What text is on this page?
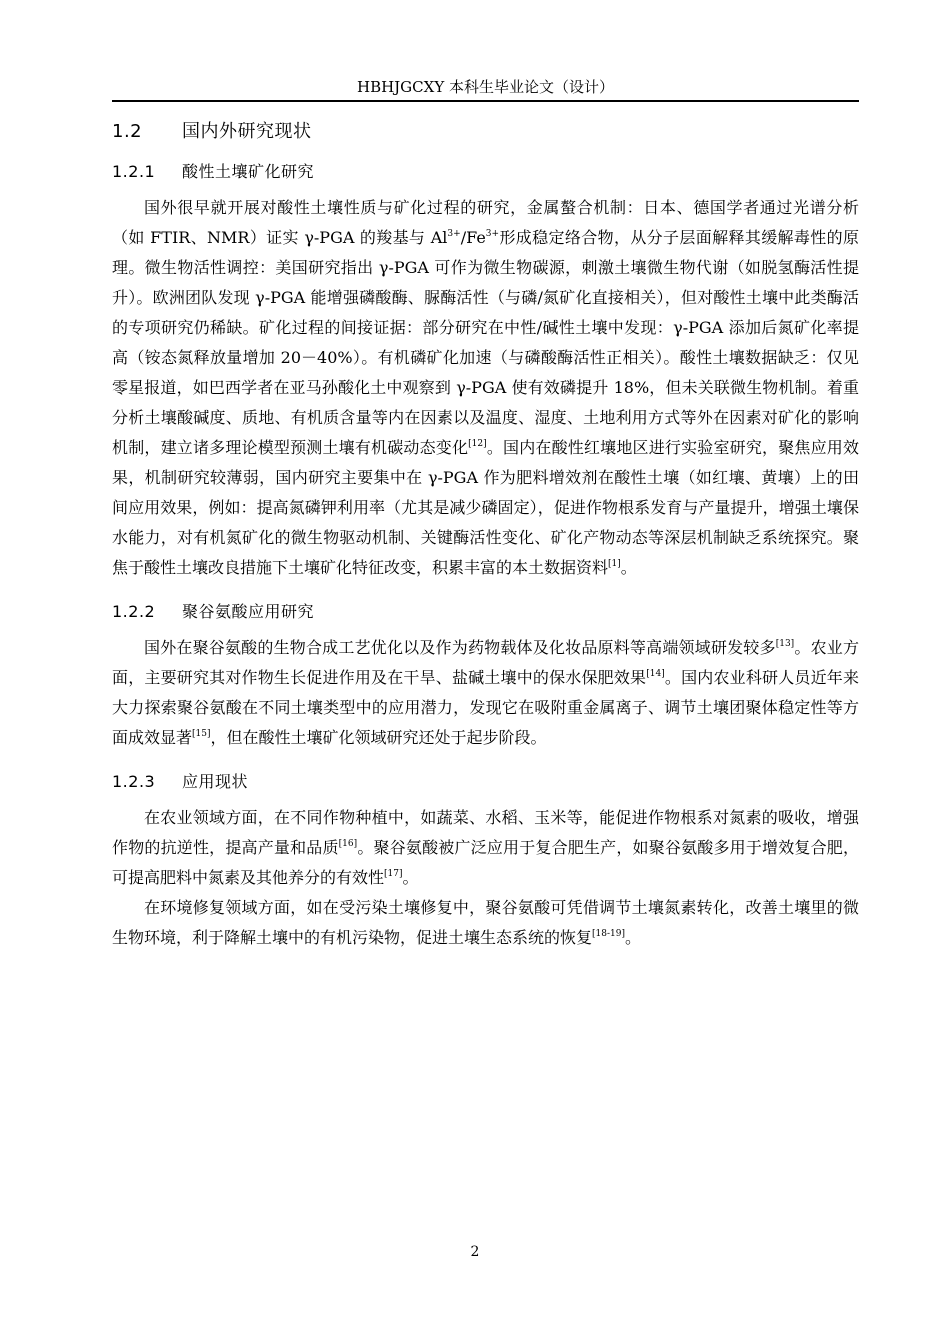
HBHJGCXY 本科生毕业论文（设计）
1.2 国内外研究现状
1.2.1 酸性土壤矿化研究

国外很早就开展对酸性土壤性质与矿化过程的研究，金属螯合机制：日本、德国学者通过光谱分析（如 FTIR、NMR）证实 γ-PGA 的羧基与 $Al^{3+}/Fe^{3+}$形成稳定络合物，从分子层面解释其缓解毒性的原理。微生物活性调控：美国研究指出 γ-PGA 可作为微生物碳源，刺激土壤微生物代谢（如脱氢酶活性提升）。欧洲团队发现 γ-PGA 能增强磷酸酶、脲酶活性（与磷/氮矿化直接相关），但对酸性土壤中此类酶活的专项研究仍稀缺。矿化过程的间接证据：部分研究在中性/碱性土壤中发现：γ-PGA 添加后氮矿化率提高（铵态氮释放量增加 20－40%）。有机磷矿化加速（与磷酸酶活性正相关）。酸性土壤数据缺乏：仅见零星报道，如巴西学者在亚马孙酸化土中观察到 γ-PGA 使有效磷提升 18%，但未关联微生物机制。着重分析土壤酸碱度、质地、有机质含量等内在因素以及温度、湿度、土地利用方式等外在因素对矿化的影响机制，建立诸多理论模型预测土壤有机碳动态变化[12]。国内在酸性红壤地区进行实验室研究，聚焦应用效果，机制研究较薄弱，国内研究主要集中在 γ-PGA 作为肥料增效剂在酸性土壤（如红壤、黄壤）上的田间应用效果，例如：提高氮磷钾利用率（尤其是减少磷固定），促进作物根系发育与产量提升，增强土壤保水能力，对有机氮矿化的微生物驱动机制、关键酶活性变化、矿化产物动态等深层机制缺乏系统探究。聚焦于酸性土壤改良措施下土壤矿化特征改变，积累丰富的本土数据资料[1]。

1.2.2 聚谷氨酸应用研究

国外在聚谷氨酸的生物合成工艺优化以及作为药物载体及化妆品原料等高端领域研发较多[13]。农业方面，主要研究其对作物生长促进作用及在干旱、盐碱土壤中的保水保肥效果[14]。国内农业科研人员近年来大力探索聚谷氨酸在不同土壤类型中的应用潜力，发现它在吸附重金属离子、调节土壤团聚体稳定性等方面成效显著[15]，但在酸性土壤矿化领域研究还处于起步阶段。

1.2.3 应用现状

在农业领域方面，在不同作物种植中，如蔬菜、水稻、玉米等，能促进作物根系对氮素的吸收，增强作物的抗逆性，提高产量和品质[16]。聚谷氨酸被广泛应用于复合肥生产，如聚谷氨酸多用于增效复合肥，可提高肥料中氮素及其他养分的有效性[17]。

在环境修复领域方面，如在受污染土壤修复中，聚谷氨酸可凭借调节土壤氮素转化，改善土壤里的微生物环境，利于降解土壤中的有机污染物，促进土壤生态系统的恢复[18-19]。

2
